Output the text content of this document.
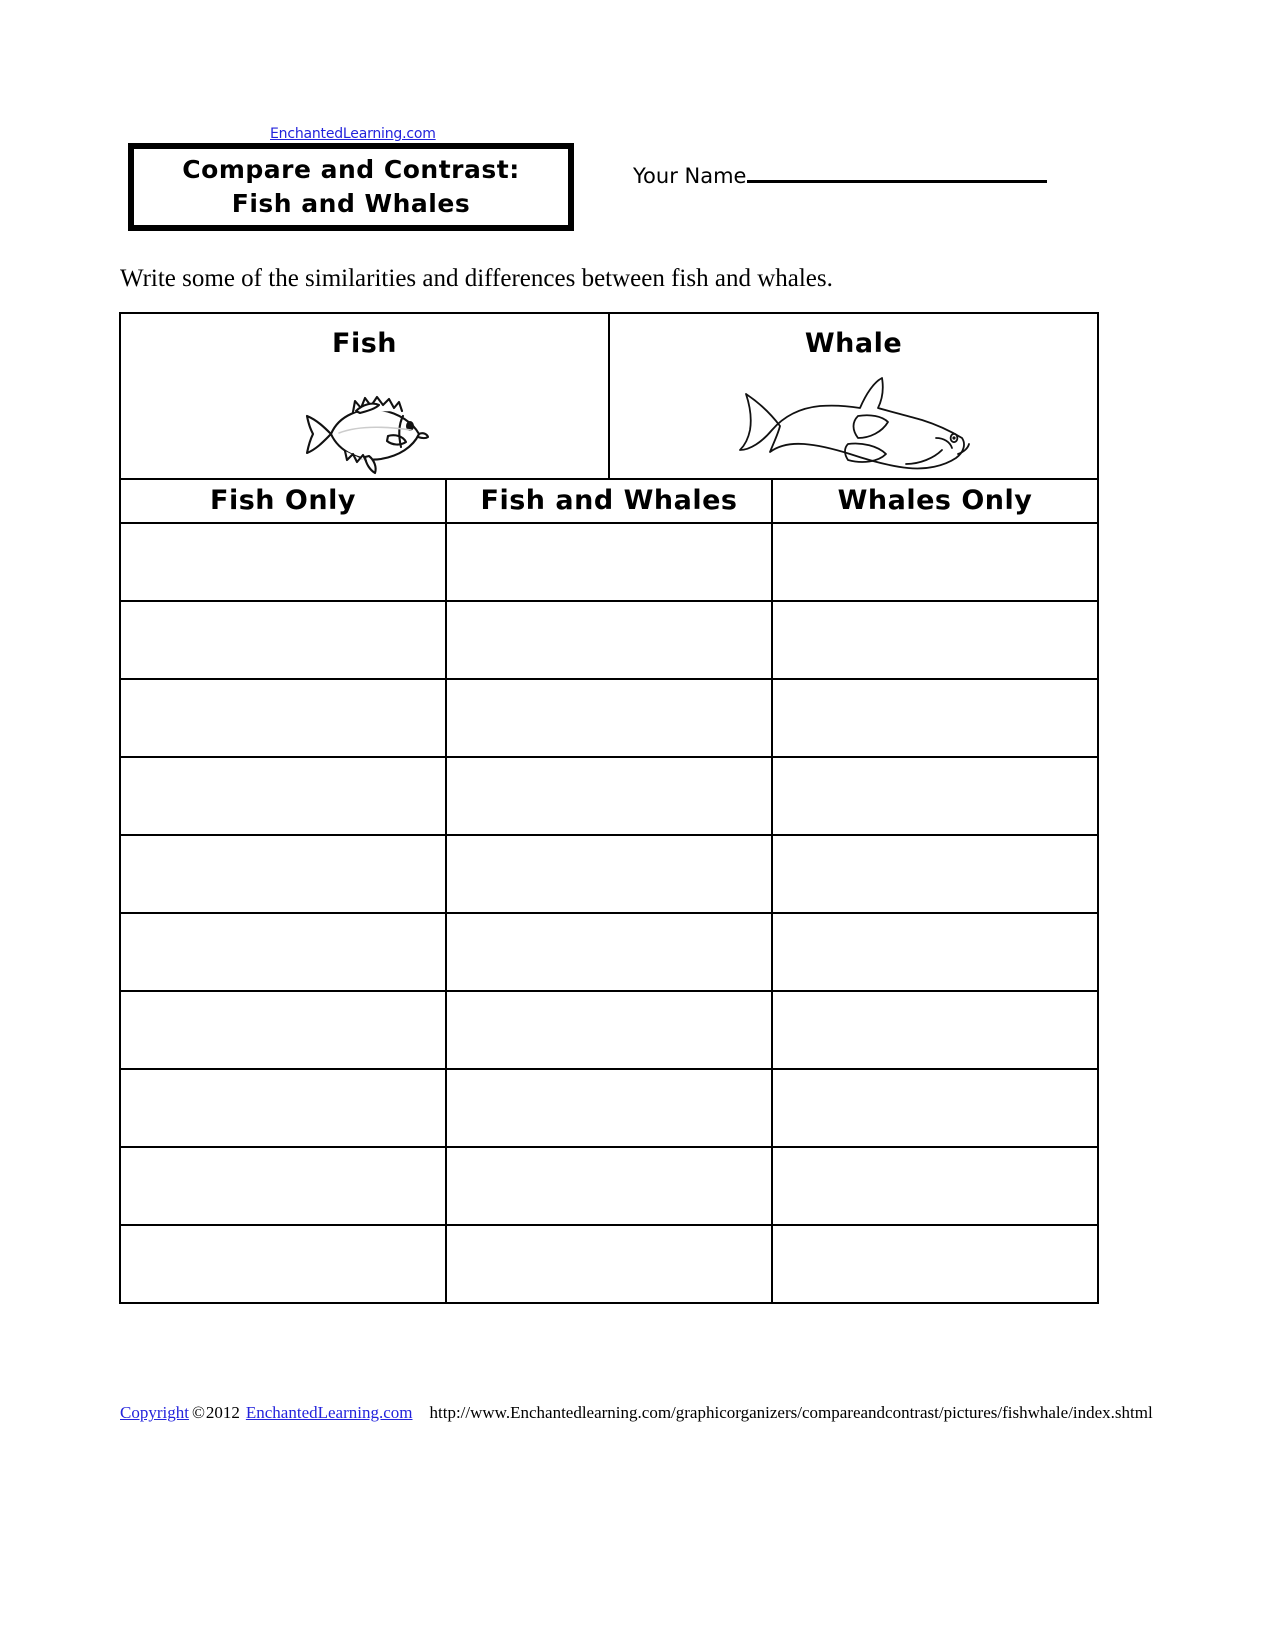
EnchantedLearning.com
Compare and Contrast:
Fish and Whales
Your Name
Write some of the similarities and differences between fish and whales.
Fish		Whale	

Fish Only	Fish and Whales		Whales Only

Copyright © 2012 EnchantedLearning.com http://www.Enchantedlearning.com/graphicorganizers/compareandcontrast/pictures/fishwhale/index.shtml
